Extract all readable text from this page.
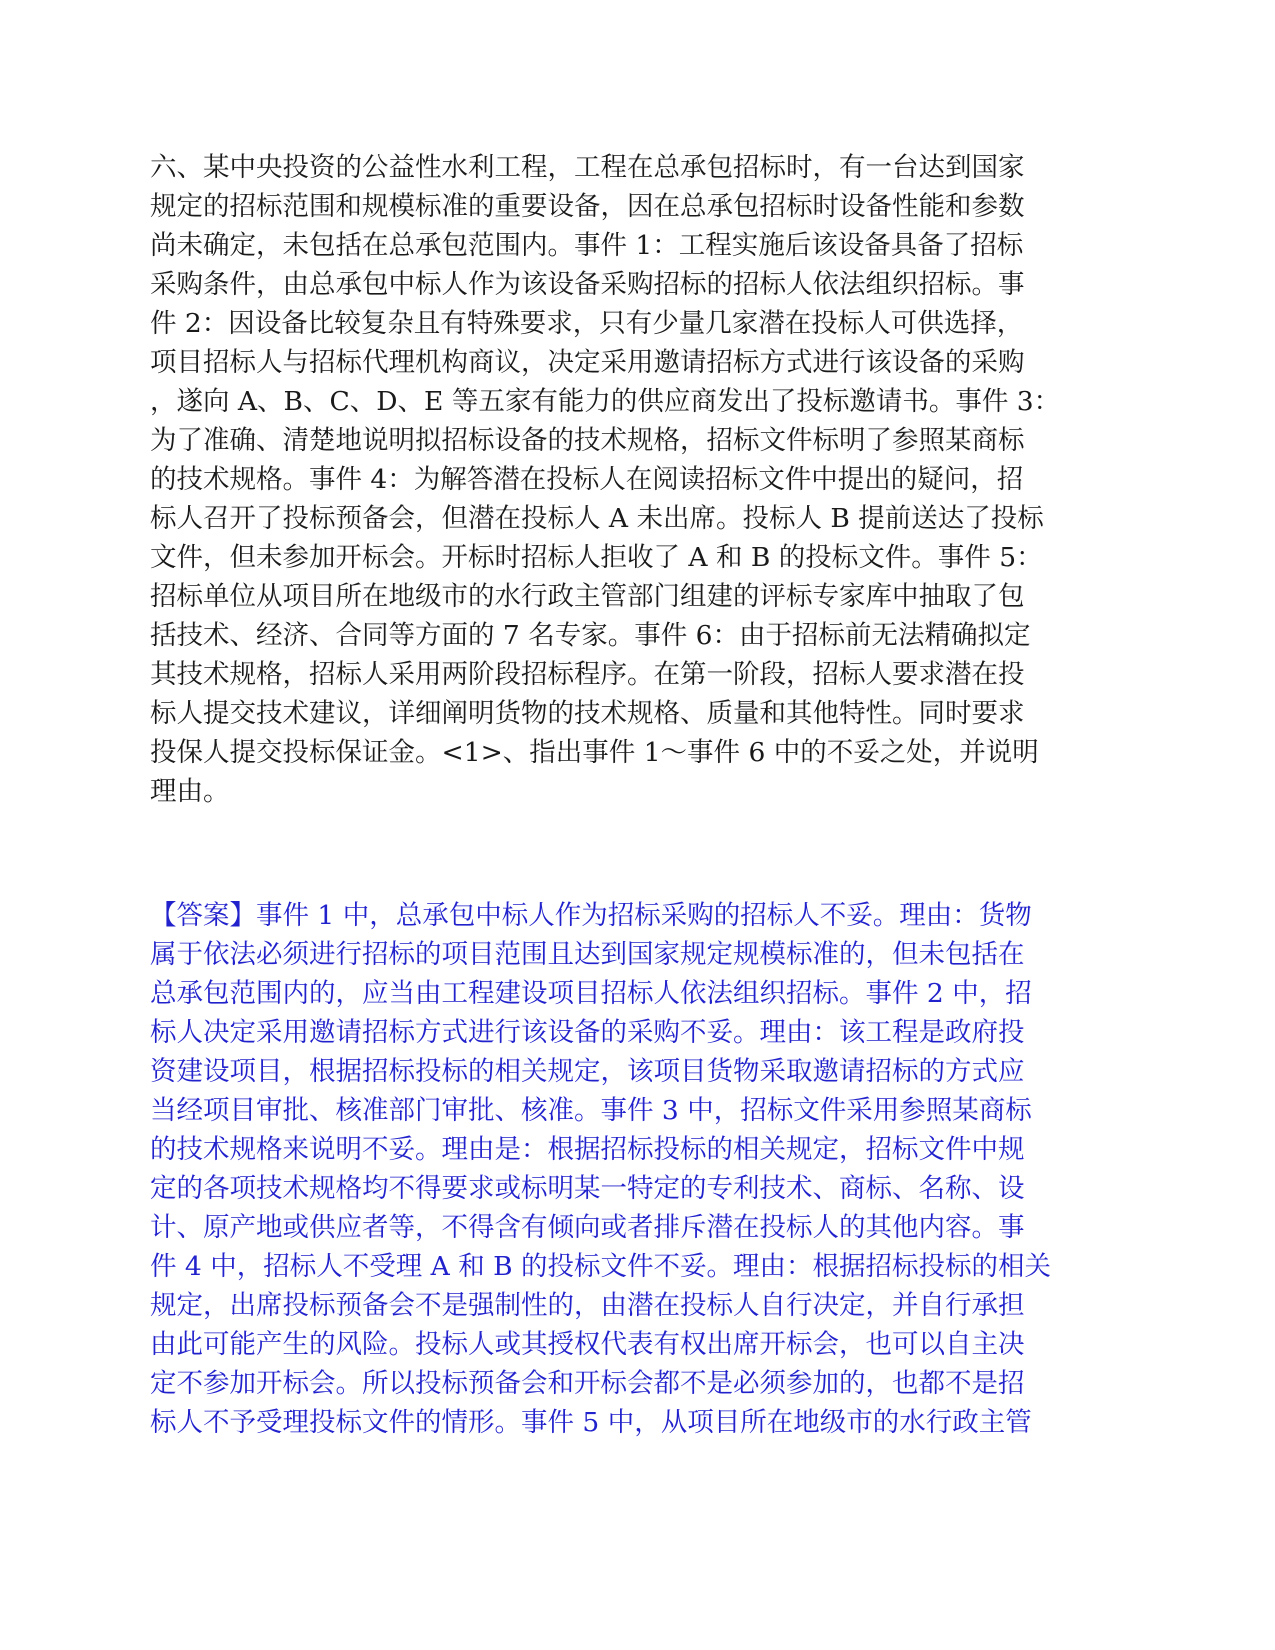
六、某中央投资的公益性水利工程，工程在总承包招标时，有一台达到国家
规定的招标范围和规模标准的重要设备，因在总承包招标时设备性能和参数
尚未确定，未包括在总承包范围内。事件 1：工程实施后该设备具备了招标
采购条件，由总承包中标人作为该设备采购招标的招标人依法组织招标。事
件 2：因设备比较复杂且有特殊要求，只有少量几家潜在投标人可供选择，
项目招标人与招标代理机构商议，决定采用邀请招标方式进行该设备的采购
，遂向 A、B、C、D、E 等五家有能力的供应商发出了投标邀请书。事件 3：
为了准确、清楚地说明拟招标设备的技术规格，招标文件标明了参照某商标
的技术规格。事件 4：为解答潜在投标人在阅读招标文件中提出的疑问，招
标人召开了投标预备会，但潜在投标人 A 未出席。投标人 B 提前送达了投标
文件，但未参加开标会。开标时招标人拒收了 A 和 B 的投标文件。事件 5：
招标单位从项目所在地级市的水行政主管部门组建的评标专家库中抽取了包
括技术、经济、合同等方面的 7 名专家。事件 6：由于招标前无法精确拟定
其技术规格，招标人采用两阶段招标程序。在第一阶段，招标人要求潜在投
标人提交技术建议，详细阐明货物的技术规格、质量和其他特性。同时要求
投保人提交投标保证金。<1>、指出事件 1～事件 6 中的不妥之处，并说明
理由。
【答案】事件 1 中，总承包中标人作为招标采购的招标人不妥。理由：货物
属于依法必须进行招标的项目范围且达到国家规定规模标准的，但未包括在
总承包范围内的，应当由工程建设项目招标人依法组织招标。事件 2 中，招
标人决定采用邀请招标方式进行该设备的采购不妥。理由：该工程是政府投
资建设项目，根据招标投标的相关规定，该项目货物采取邀请招标的方式应
当经项目审批、核准部门审批、核准。事件 3 中，招标文件采用参照某商标
的技术规格来说明不妥。理由是：根据招标投标的相关规定，招标文件中规
定的各项技术规格均不得要求或标明某一特定的专利技术、商标、名称、设
计、原产地或供应者等，不得含有倾向或者排斥潜在投标人的其他内容。事
件 4 中，招标人不受理 A 和 B 的投标文件不妥。理由：根据招标投标的相关
规定，出席投标预备会不是强制性的，由潜在投标人自行决定，并自行承担
由此可能产生的风险。投标人或其授权代表有权出席开标会，也可以自主决
定不参加开标会。所以投标预备会和开标会都不是必须参加的，也都不是招
标人不予受理投标文件的情形。事件 5 中，从项目所在地级市的水行政主管
